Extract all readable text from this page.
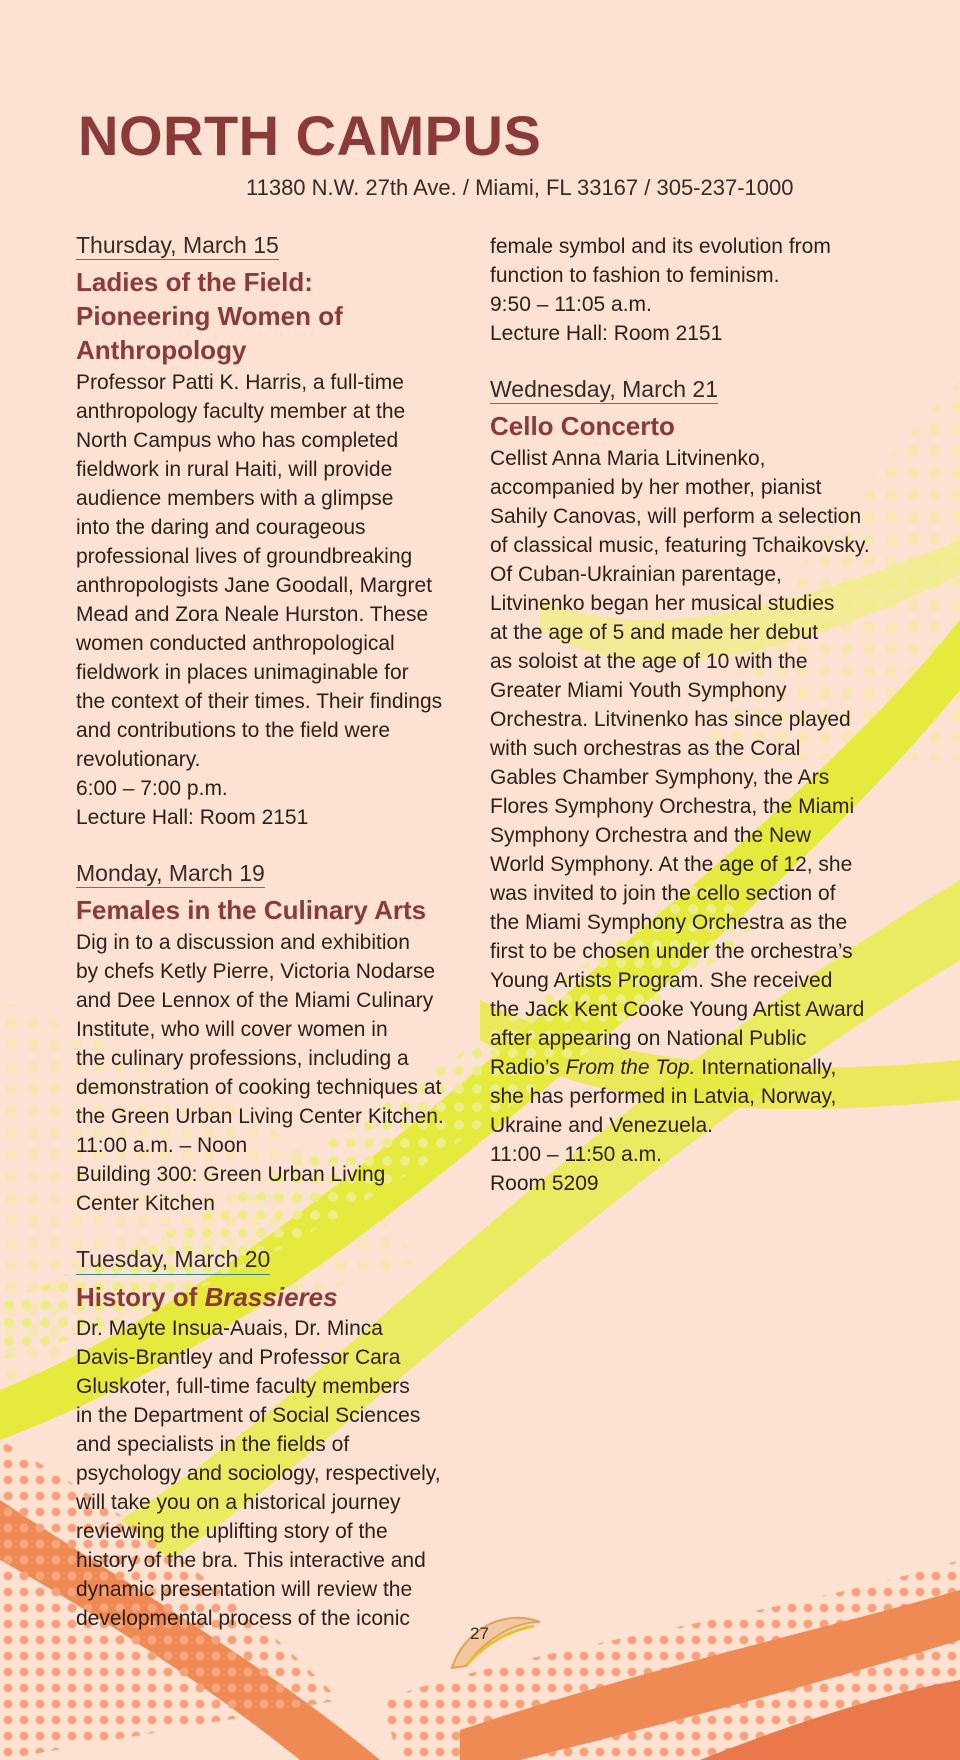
NORTH CAMPUS
11380 N.W. 27th Ave. / Miami, FL 33167 / 305-237-1000
Thursday, March 15
Ladies of the Field:
Pioneering Women of
Anthropology
Professor Patti K. Harris, a full-time
anthropology faculty member at the
North Campus who has completed
fieldwork in rural Haiti, will provide
audience members with a glimpse
into the daring and courageous
professional lives of groundbreaking
anthropologists Jane Goodall, Margret
Mead and Zora Neale Hurston. These
women conducted anthropological
fieldwork in places unimaginable for
the context of their times. Their findings
and contributions to the field were
revolutionary.
6:00 – 7:00 p.m.
Lecture Hall: Room 2151
Monday, March 19
Females in the Culinary Arts
Dig in to a discussion and exhibition
by chefs Ketly Pierre, Victoria Nodarse
and Dee Lennox of the Miami Culinary
Institute, who will cover women in
the culinary professions, including a
demonstration of cooking techniques at
the Green Urban Living Center Kitchen.
11:00 a.m. – Noon
Building 300: Green Urban Living
Center Kitchen
Tuesday, March 20
History of Brassieres
Dr. Mayte Insua-Auais, Dr. Minca
Davis-Brantley and Professor Cara
Gluskoter, full-time faculty members
in the Department of Social Sciences
and specialists in the fields of
psychology and sociology, respectively,
will take you on a historical journey
reviewing the uplifting story of the
history of the bra. This interactive and
dynamic presentation will review the
developmental process of the iconic
female symbol and its evolution from
function to fashion to feminism.
9:50 – 11:05 a.m.
Lecture Hall: Room 2151
Wednesday, March 21
Cello Concerto
Cellist Anna Maria Litvinenko,
accompanied by her mother, pianist
Sahily Canovas, will perform a selection
of classical music, featuring Tchaikovsky.
Of Cuban-Ukrainian parentage,
Litvinenko began her musical studies
at the age of 5 and made her debut
as soloist at the age of 10 with the
Greater Miami Youth Symphony
Orchestra. Litvinenko has since played
with such orchestras as the Coral
Gables Chamber Symphony, the Ars
Flores Symphony Orchestra, the Miami
Symphony Orchestra and the New
World Symphony. At the age of 12, she
was invited to join the cello section of
the Miami Symphony Orchestra as the
first to be chosen under the orchestra’s
Young Artists Program. She received
the Jack Kent Cooke Young Artist Award
after appearing on National Public
Radio’s From the Top. Internationally,
she has performed in Latvia, Norway,
Ukraine and Venezuela.
11:00 – 11:50 a.m.
Room 5209
27
